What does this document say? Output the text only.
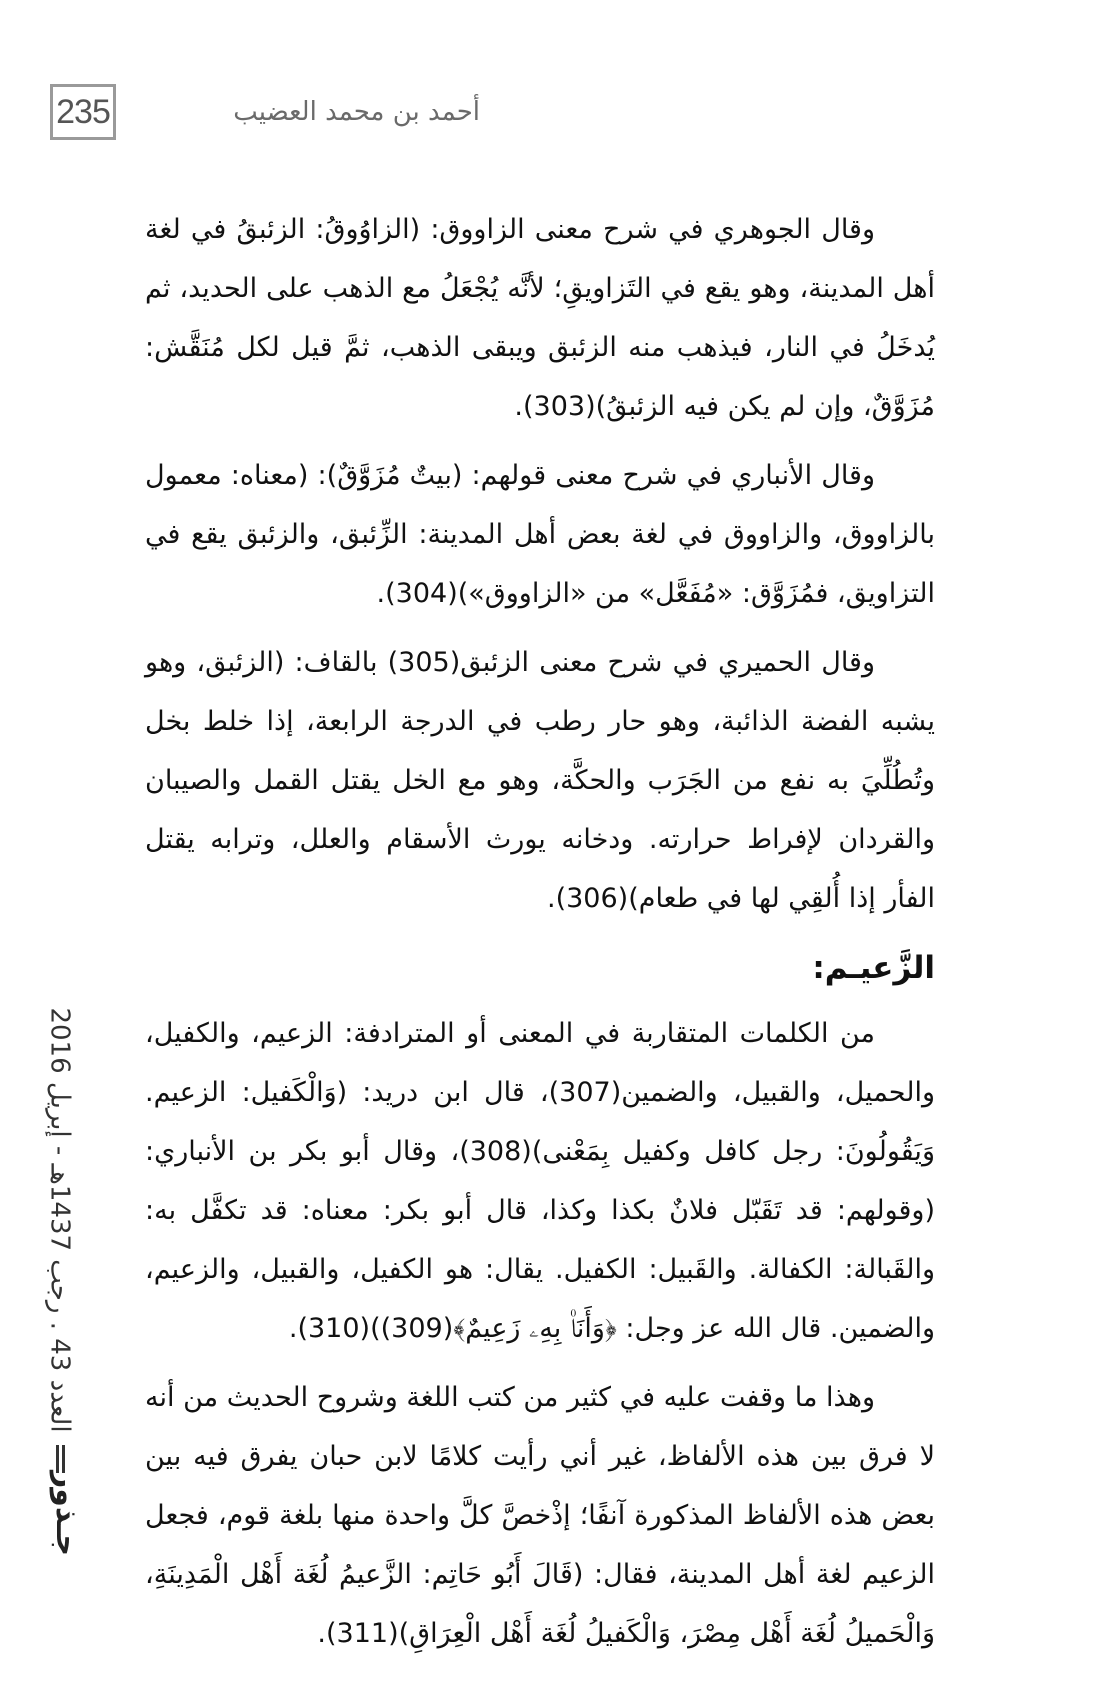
235	أحمد بن محمد العضيب

وقال الجوهري في شرح معنى الزاووق: (الزاوُوقُ: الزئبقُ في لغة أهل المدينة، وهو يقع في التَزاويقِ؛ لأنَّه يُجْعَلُ مع الذهب على الحديد، ثم يُدخَلُ في النار، فيذهب منه الزئبق ويبقى الذهب، ثمَّ قيل لكل مُنَقَّش: مُزَوَّقٌ، وإن لم يكن فيه الزئبقُ)(303).

وقال الأنباري في شرح معنى قولهم: (بيتٌ مُزَوَّقٌ): (معناه: معمول بالزاووق، والزاووق في لغة بعض أهل المدينة: الزِّئبق، والزئبق يقع في التزاويق، فمُزَوَّق: «مُفَعَّل» من «الزاووق»)(304).

وقال الحميري في شرح معنى الزئبق(305) بالقاف: (الزئبق، وهو يشبه الفضة الذائبة، وهو حار رطب في الدرجة الرابعة، إذا خلط بخل وتُطُلِّيَ به نفع من الجَرَب والحكَّة، وهو مع الخل يقتل القمل والصيبان والقردان لإفراط حرارته. ودخانه يورث الأسقام والعلل، وترابه يقتل الفأر إذا أُلقِي لها في طعام)(306).

الزَّعيـم:

من الكلمات المتقاربة في المعنى أو المترادفة: الزعيم، والكفيل، والحميل، والقبيل، والضمين(307)، قال ابن دريد: (وَالْكَفيل: الزعيم. وَيَقُولُونَ: رجل كافل وكفيل بِمَعْنى)(308)، وقال أبو بكر بن الأنباري: (وقولهم: قد تَقَبّل فلانٌ بكذا وكذا، قال أبو بكر: معناه: قد تكفَّل به: والقَبالة: الكفالة. والقَبيل: الكفيل. يقال: هو الكفيل، والقبيل، والزعيم، والضمين. قال الله عز وجل: ﴿وَأَنَا۠ بِهِۦ زَعِيمٌ﴾(309))(310).

وهذا ما وقفت عليه في كثير من كتب اللغة وشروح الحديث من أنه لا فرق بين هذه الألفاظ، غير أني رأيت كلامًا لابن حبان يفرق فيه بين بعض هذه الألفاظ المذكورة آنفًا؛ إذْخصَّ كلَّ واحدة منها بلغة قوم، فجعل الزعيم لغة أهل المدينة، فقال: (قَالَ أَبُو حَاتِم: الزَّعيمُ لُغَة أَهْل الْمَدِينَةِ، وَالْحَميلُ لُغَة أَهْل مِصْرَ، وَالْكَفيلُ لُغَة أَهْل الْعِرَاقِ)(311).

العدد 43 . رجب 1437هـ - إبريل 2016
جـذور
